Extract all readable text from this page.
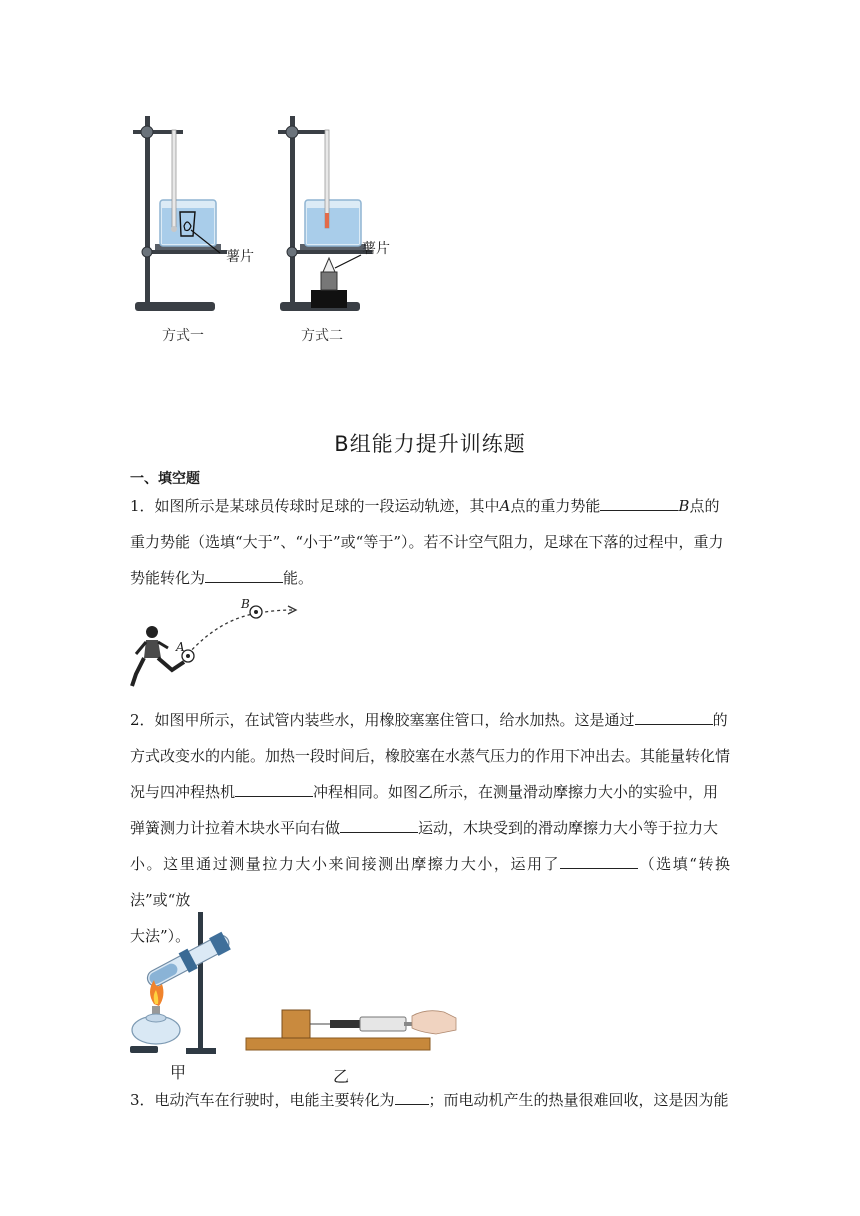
薯片	薯片
方式一	方式二
B组能力提升训练题
一、填空题
1．如图所示是某球员传球时足球的一段运动轨迹，其中A点的重力势能	B点的
重力势能（选填“大于”、“小于”或“等于”）。若不计空气阻力，足球在下落的过程中，重力
势能转化为	能。
A
B
2．如图甲所示，在试管内装些水，用橡胶塞塞住管口，给水加热。这是通过	的
方式改变水的内能。加热一段时间后，橡胶塞在水蒸气压力的作用下冲出去。其能量转化情
况与四冲程热机	冲程相同。如图乙所示，在测量滑动摩擦力大小的实验中，用
弹簧测力计拉着木块水平向右做	运动，木块受到的滑动摩擦力大小等于拉力大
小。这里通过测量拉力大小来间接测出摩擦力大小，运用了	（选填“转换法”或“放
大法”）。
甲	乙
3．电动汽车在行驶时，电能主要转化为 ；而电动机产生的热量很难回收，这是因为能
